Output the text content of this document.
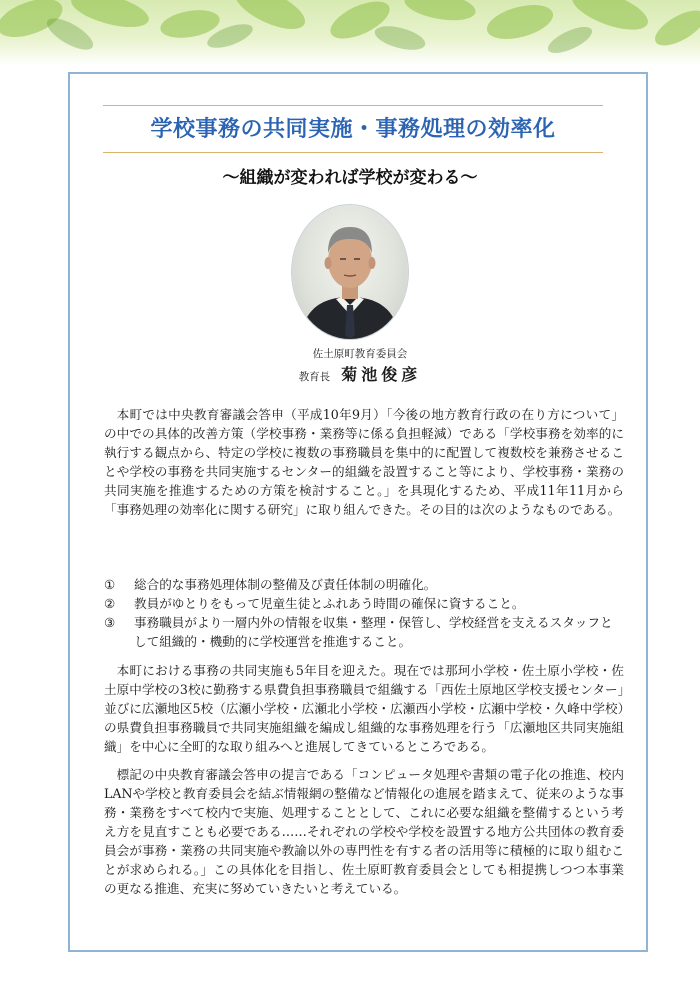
学校事務の共同実施・事務処理の効率化
～組織が変われば学校が変わる～
佐土原町教育委員会
教育長 菊池俊彦

本町では中央教育審議会答申（平成10年9月）「今後の地方教育行政の在り方について」の中での具体的改善方策（学校事務・業務等に係る負担軽減）である「学校事務を効率的に執行する観点から、特定の学校に複数の事務職員を集中的に配置して複数校を兼務させることや学校の事務を共同実施するセンター的組織を設置すること等により、学校事務・業務の共同実施を推進するための方策を検討すること。」を具現化するため、平成11年11月から「事務処理の効率化に関する研究」に取り組んできた。その目的は次のようなものである。

① 総合的な事務処理体制の整備及び責任体制の明確化。
② 教員がゆとりをもって児童生徒とふれあう時間の確保に資すること。
③ 事務職員がより一層内外の情報を収集・整理・保管し、学校経営を支えるスタッフとして組織的・機動的に学校運営を推進すること。

本町における事務の共同実施も5年目を迎えた。現在では那珂小学校・佐土原小学校・佐土原中学校の3校に勤務する県費負担事務職員で組織する「西佐土原地区学校支援センター」並びに広瀬地区5校（広瀬小学校・広瀬北小学校・広瀬西小学校・広瀬中学校・久峰中学校）の県費負担事務職員で共同実施組織を編成し組織的な事務処理を行う「広瀬地区共同実施組織」を中心に全町的な取り組みへと進展してきているところである。

標記の中央教育審議会答申の提言である「コンピュータ処理や書類の電子化の推進、校内LANや学校と教育委員会を結ぶ情報網の整備など情報化の進展を踏まえて、従来のような事務・業務をすべて校内で実施、処理することとして、これに必要な組織を整備するという考え方を見直すことも必要である……それぞれの学校や学校を設置する地方公共団体の教育委員会が事務・業務の共同実施や教諭以外の専門性を有する者の活用等に積極的に取り組むことが求められる。」この具体化を目指し、佐土原町教育委員会としても相提携しつつ本事業の更なる推進、充実に努めていきたいと考えている。
